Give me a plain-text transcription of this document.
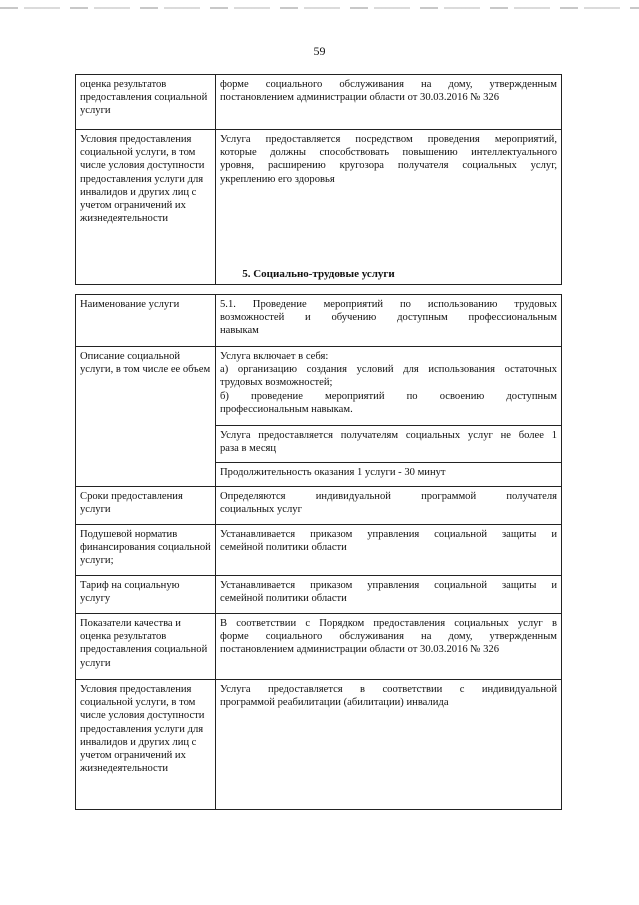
59
оценка результатов предоставления социальной услуги	форме социального обслуживания на дому, утвержденным
постановлением администрации области от 30.03.2016 № 326

Условия предоставления социальной услуги, в том числе условия доступности предоставления услуги для инвалидов и других лиц с учетом ограничений их жизнедеятельности	Услуга предоставляется посредством проведения мероприятий,
которые должны способствовать повышению интеллектуального
уровня, расширению кругозора получателя социальных услуг,
укреплению его здоровья
5. Социально-трудовые услуги
Наименование услуги	5.1. Проведение мероприятий по использованию трудовых
возможностей и обучению доступным профессиональным
навыкам

Описание социальной услуги, в том числе ее объем	Услуга включает в себя:
а) организацию создания условий для использования остаточных
трудовых возможностей;
б) проведение мероприятий по освоению доступным
профессиональным навыкам.

	Услуга предоставляется получателям социальных услуг не более 1
раза в месяц

	Продолжительность оказания 1 услуги - 30 минут
Сроки предоставления услуги	Определяются индивидуальной программой получателя
социальных услуг

Подушевой норматив финансирования социальной услуги;	Устанавливается приказом управления социальной защиты и
семейной политики области

Тариф на социальную услугу	Устанавливается приказом управления социальной защиты и
семейной политики области

Показатели качества и оценка результатов предоставления социальной услуги	В соответствии с Порядком предоставления социальных услуг в
форме социального обслуживания на дому, утвержденным
постановлением администрации области от 30.03.2016 № 326

Условия предоставления социальной услуги, в том числе условия доступности предоставления услуги для инвалидов и других лиц с учетом ограничений их жизнедеятельности	Услуга предоставляется в соответствии с индивидуальной
программой реабилитации (абилитации) инвалида
